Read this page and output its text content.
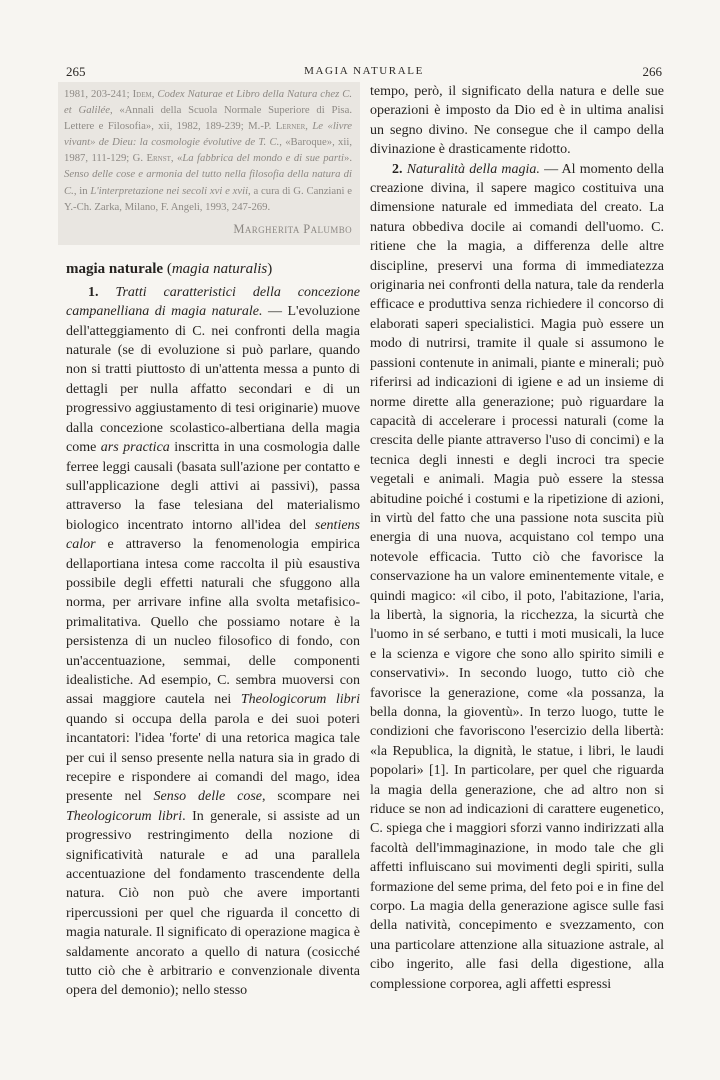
265	MAGIA NATURALE	266
1981, 203-241; Idem, Codex Naturae et Libro della Natura chez C. et Galilée, «Annali della Scuola Normale Superiore di Pisa. Lettere e Filosofia», xii, 1982, 189-239; M.-P. Lerner, Le «livre vivant» de Dieu: la cosmologie évolutive de T. C., «Baroque», xii, 1987, 111-129; G. Ernst, «La fabbrica del mondo e di sue parti». Senso delle cose e armonia del tutto nella filosofia della natura di C., in L'interpretazione nei secoli xvi e xvii, a cura di G. Canziani e Y.-Ch. Zarka, Milano, F. Angeli, 1993, 247-269.
Margherita Palumbo
magia naturale (magia naturalis)

1. Tratti caratteristici della concezione campanelliana di magia naturale. — L'evoluzione dell'atteggiamento di C. nei confronti della magia naturale (se di evoluzione si può parlare, quando non si tratti piuttosto di un'attenta messa a punto di dettagli per nulla affatto secondari e di un progressivo aggiustamento di tesi originarie) muove dalla concezione scolastico-albertiana della magia come ars practica inscritta in una cosmologia dalle ferree leggi causali (basata sull'azione per contatto e sull'applicazione degli attivi ai passivi), passa attraverso la fase telesiana del materialismo biologico incentrato intorno all'idea del sentiens calor e attraverso la fenomenologia empirica dellaportiana intesa come raccolta il più esaustiva possibile degli effetti naturali che sfuggono alla norma, per arrivare infine alla svolta metafisico-primalitativa. Quello che possiamo notare è la persistenza di un nucleo filosofico di fondo, con un'accentuazione, semmai, delle componenti idealistiche. Ad esempio, C. sembra muoversi con assai maggiore cautela nei Theologicorum libri quando si occupa della parola e dei suoi poteri incantatori: l'idea 'forte' di una retorica magica tale per cui il senso presente nella natura sia in grado di recepire e rispondere ai comandi del mago, idea presente nel Senso delle cose, scompare nei Theologicorum libri. In generale, si assiste ad un progressivo restringimento della nozione di significatività naturale e ad una parallela accentuazione del fondamento trascendente della natura. Ciò non può che avere importanti ripercussioni per quel che riguarda il concetto di magia naturale. Il significato di operazione magica è saldamente ancorato a quello di natura (cosicché tutto ciò che è arbitrario e convenzionale diventa opera del demonio); nello stesso

tempo, però, il significato della natura e delle sue operazioni è imposto da Dio ed è in ultima analisi un segno divino. Ne consegue che il campo della divinazione è drasticamente ridotto.

2. Naturalità della magia. — Al momento della creazione divina, il sapere magico costituiva una dimensione naturale ed immediata del creato. La natura obbediva docile ai comandi dell'uomo. C. ritiene che la magia, a differenza delle altre discipline, preservi una forma di immediatezza originaria nei confronti della natura, tale da renderla efficace e produttiva senza richiedere il concorso di elaborati saperi specialistici. Magia può essere un modo di nutrirsi, tramite il quale si assumono le passioni contenute in animali, piante e minerali; può riferirsi ad indicazioni di igiene e ad un insieme di norme dirette alla generazione; può riguardare la capacità di accelerare i processi naturali (come la crescita delle piante attraverso l'uso di concimi) e la tecnica degli innesti e degli incroci tra specie vegetali e animali. Magia può essere la stessa abitudine poiché i costumi e la ripetizione di azioni, in virtù del fatto che una passione nota suscita più energia di una nuova, acquistano col tempo una notevole efficacia. Tutto ciò che favorisce la conservazione ha un valore eminentemente vitale, e quindi magico: «il cibo, il poto, l'abitazione, l'aria, la libertà, la signoria, la ricchezza, la sicurtà che l'uomo in sé serbano, e tutti i moti musicali, la luce e la scienza e vigore che sono allo spirito simili e conservativi». In secondo luogo, tutto ciò che favorisce la generazione, come «la possanza, la bella donna, la gioventù». In terzo luogo, tutte le condizioni che favoriscono l'esercizio della libertà: «la Republica, la dignità, le statue, i libri, le laudi popolari» [1]. In particolare, per quel che riguarda la magia della generazione, che ad altro non si riduce se non ad indicazioni di carattere eugenetico, C. spiega che i maggiori sforzi vanno indirizzati alla facoltà dell'immaginazione, in modo tale che gli affetti influiscano sui movimenti degli spiriti, sulla formazione del seme prima, del feto poi e in fine del corpo. La magia della generazione agisce sulle fasi della natività, concepimento e svezzamento, con una particolare attenzione alla situazione astrale, al cibo ingerito, alle fasi della digestione, alla complessione corporea, agli affetti espressi
